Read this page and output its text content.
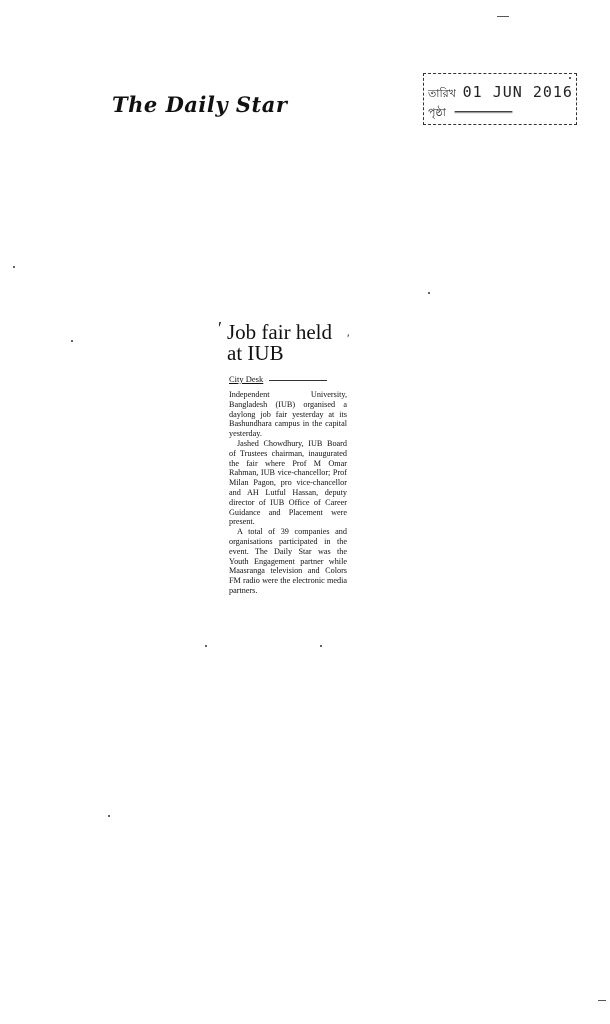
The Daily Star	তারিখ 01 JUN 2016
পৃষ্ঠা —​————
′ Job fair held at IUB
′
City Desk

Independent University, Bangladesh (IUB) organised a daylong job fair yesterday at its Bashundhara campus in the capital yesterday.

Jashed Chowdhury, IUB Board of Trustees chairman, inaugurated the fair where Prof M Omar Rahman, IUB vice-chancellor; Prof Milan Pagon, pro vice-chancellor and AH Lutful Hassan, deputy director of IUB Office of Career Guidance and Placement were present.

A total of 39 companies and organisations participated in the event. The Daily Star was the Youth Engagement partner while Maasranga television and Colors FM radio were the electronic media partners.
